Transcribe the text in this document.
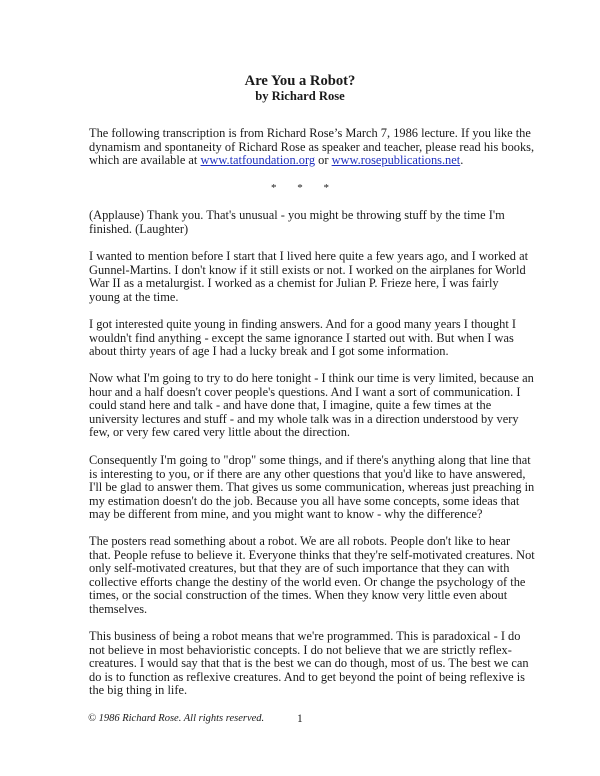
Are You a Robot?
by Richard Rose
The following transcription is from Richard Rose’s March 7, 1986 lecture. If you like the
dynamism and spontaneity of Richard Rose as speaker and teacher, please read his books,
which are available at www.tatfoundation.org or www.rosepublications.net.
* * *
(Applause) Thank you. That's unusual - you might be throwing stuff by the time I'm
finished. (Laughter)
I wanted to mention before I start that I lived here quite a few years ago, and I worked at
Gunnel-Martins. I don't know if it still exists or not. I worked on the airplanes for World
War II as a metalurgist. I worked as a chemist for Julian P. Frieze here, I was fairly
young at the time.
I got interested quite young in finding answers. And for a good many years I thought I
wouldn't find anything - except the same ignorance I started out with. But when I was
about thirty years of age I had a lucky break and I got some information.
Now what I'm going to try to do here tonight - I think our time is very limited, because an
hour and a half doesn't cover people's questions. And I want a sort of communication. I
could stand here and talk - and have done that, I imagine, quite a few times at the
university lectures and stuff - and my whole talk was in a direction understood by very
few, or very few cared very little about the direction.
Consequently I'm going to "drop" some things, and if there's anything along that line that
is interesting to you, or if there are any other questions that you'd like to have answered,
I'll be glad to answer them. That gives us some communication, whereas just preaching in
my estimation doesn't do the job. Because you all have some concepts, some ideas that
may be different from mine, and you might want to know - why the difference?
The posters read something about a robot. We are all robots. People don't like to hear
that. People refuse to believe it. Everyone thinks that they're self-motivated creatures. Not
only self-motivated creatures, but that they are of such importance that they can with
collective efforts change the destiny of the world even. Or change the psychology of the
times, or the social construction of the times. When they know very little even about
themselves.
This business of being a robot means that we're programmed. This is paradoxical - I do
not believe in most behavioristic concepts. I do not believe that we are strictly reflex-
creatures. I would say that that is the best we can do though, most of us. The best we can
do is to function as reflexive creatures. And to get beyond the point of being reflexive is
the big thing in life.
© 1986 Richard Rose. All rights reserved.	1
